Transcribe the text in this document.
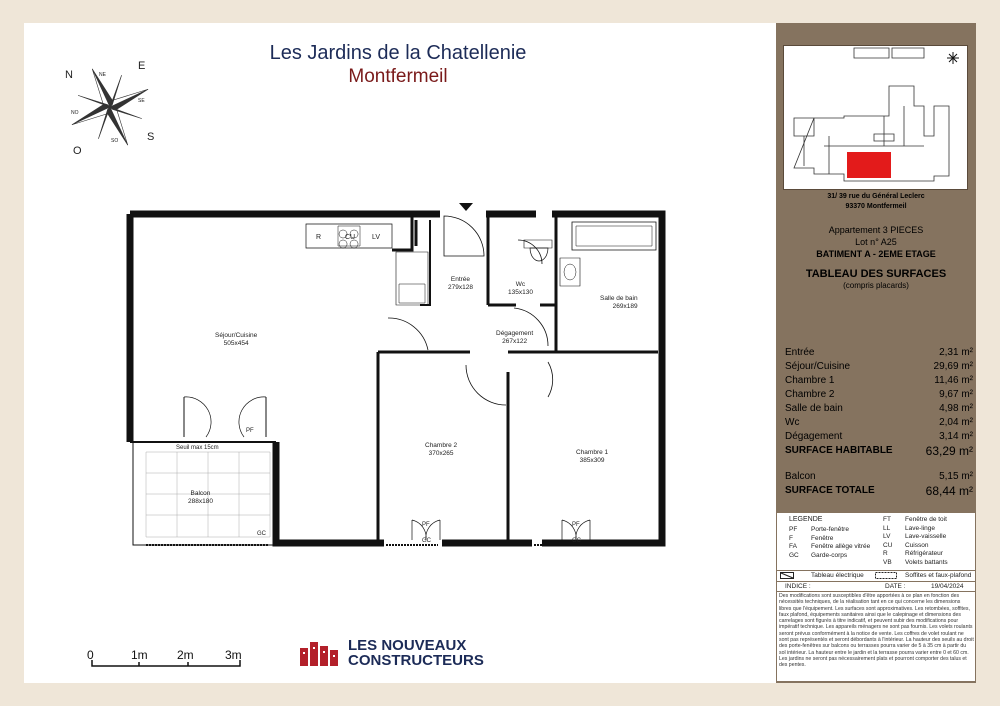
Les Jardins de la Chatellenie
Montfermeil
N
E
S
O
NE
SE
SO
NO
R	CU LV
PF
Seuil max 15cm
GC
PF
GC
PF
GC
Séjour/Cuisine
505x454
Entrée
279x128	Wc
135x130
Salle de bain
269x189
Dégagement
267x122
Chambre 2
370x265	Chambre 1
385x309
Balcon
288x180
0	1m 2m	3m
LES NOUVEAUX
CONSTRUCTEURS
31/ 39 rue du Général Leclerc
93370 Montfermeil
Appartement 3 PIECES
Lot n° A25
BATIMENT A - 2EME ETAGE
TABLEAU DES SURFACES
(compris placards)
Entrée	2,31 m²
Séjour/Cuisine	29,69 m²
Chambre 1	11,46 m²
Chambre 2	9,67 m²
Salle de bain	4,98 m²
Wc	2,04 m²
Dégagement	3,14 m²
SURFACE HABITABLE	63,29 m²
Balcon	5,15 m²
SURFACE TOTALE	68,44 m²
LEGENDE
PF	Porte-fenêtre
F	Fenêtre
FA	Fenêtre allège vitrée
GC	Garde-corps
FT	Fenêtre de toit
LL	Lave-linge
LV	Lave-vaisselle
CU	Cuisson
R	Réfrigérateur
VB	Volets battants
Tableau électrique	Soffites et faux-plafond
INDICE :	DATE :	19/04/2024
Des modifications sont susceptibles d'être apportées à ce plan en fonction des nécessités techniques, de la réalisation tant en ce qui concerne les dimensions libres que l'équipement. Les surfaces sont approximatives. Les retombées, soffites, faux plafond, équipements sanitaires ainsi que le calepinage et dimensions des carrelages sont figurés à titre indicatif, et peuvent subir des modifications pour impératif technique. Les appareils ménagers ne sont pas fournis. Les volets roulants seront prévus conformément à la notice de vente. Les coffres de volet roulant ne sont pas représentés et seront débordants à l'intérieur. La hauteur des seuils au droit des porte-fenêtres sur balcons ou terrasses pourra varier de 5 à 35 cm à partir du sol intérieur. La hauteur entre le jardin et la terrasse pourra varier entre 0 et 60 cm. Les jardins ne seront pas nécessairement plats et pourront comporter des talus et des pentes.
